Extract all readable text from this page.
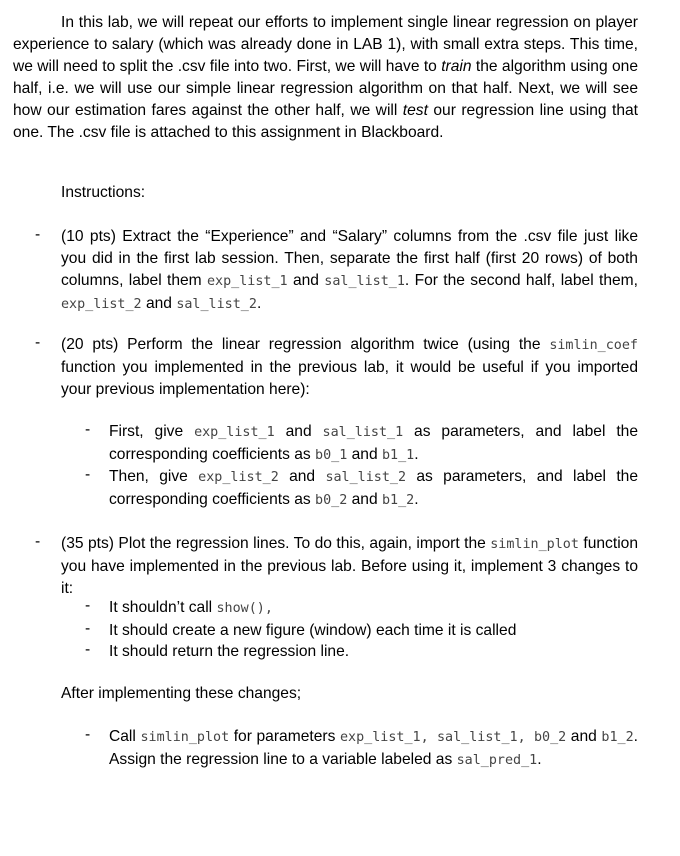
In this lab, we will repeat our efforts to implement single linear regression on player experience to salary (which was already done in LAB 1), with small extra steps. This time, we will need to split the .csv file into two. First, we will have to train the algorithm using one half, i.e. we will use our simple linear regression algorithm on that half. Next, we will see how our estimation fares against the other half, we will test our regression line using that one. The .csv file is attached to this assignment in Blackboard.

Instructions:

- (10 pts) Extract the “Experience” and “Salary” columns from the .csv file just like you did in the first lab session. Then, separate the first half (first 20 rows) of both columns, label them exp_list_1 and sal_list_1. For the second half, label them, exp_list_2 and sal_list_2.

- (20 pts) Perform the linear regression algorithm twice (using the simlin_coef function you implemented in the previous lab, it would be useful if you imported your previous implementation here):

- First, give exp_list_1 and sal_list_1 as parameters, and label the corresponding coefficients as b0_1 and b1_1.

- Then, give exp_list_2 and sal_list_2 as parameters, and label the corresponding coefficients as b0_2 and b1_2.

- (35 pts) Plot the regression lines. To do this, again, import the simlin_plot function you have implemented in the previous lab. Before using it, implement 3 changes to it:

- It shouldn’t call show(),

- It should create a new figure (window) each time it is called

- It should return the regression line.

After implementing these changes;

- Call simlin_plot for parameters exp_list_1, sal_list_1, b0_2 and b1_2. Assign the regression line to a variable labeled as sal_pred_1.
